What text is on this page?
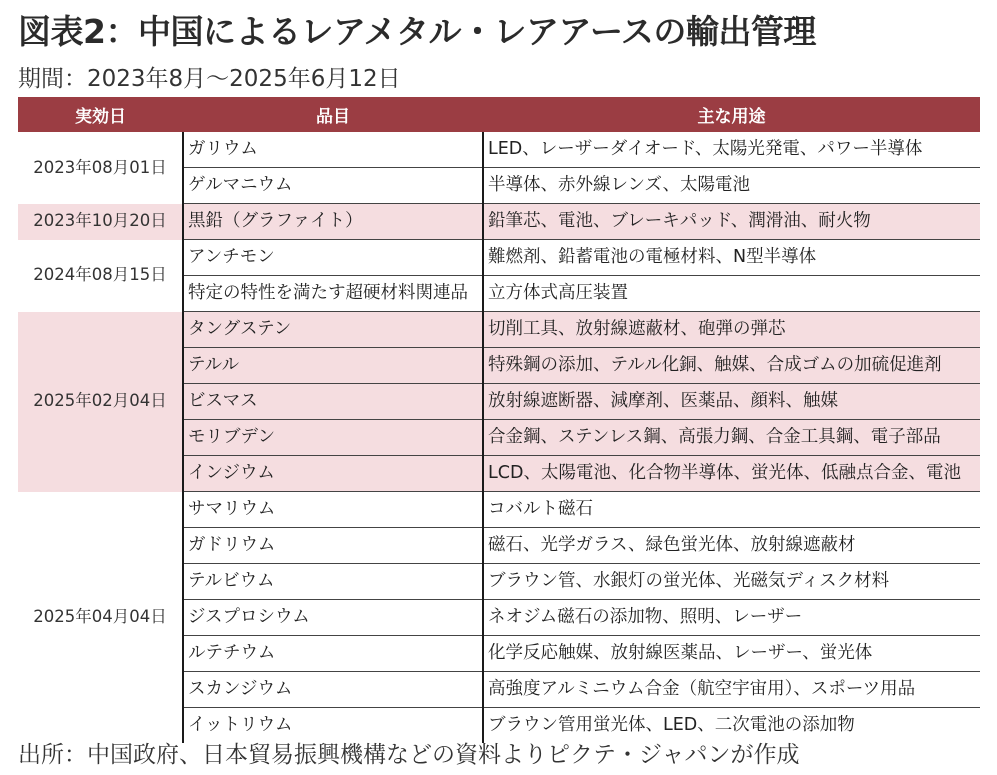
図表2：中国によるレアメタル・レアアースの輸出管理
期間：2023年8月～2025年6月12日
実効日	品目	主な用途
2023年08月01日	ガリウム	LED、レーザーダイオード、太陽光発電、パワー半導体
	ゲルマニウム	半導体、赤外線レンズ、太陽電池
2023年10月20日	黒鉛（グラファイト）	鉛筆芯、電池、ブレーキパッド、潤滑油、耐火物
2024年08月15日	アンチモン	難燃剤、鉛蓄電池の電極材料、N型半導体
	特定の特性を満たす超硬材料関連品	立方体式高圧装置
2025年02月04日	タングステン	切削工具、放射線遮蔽材、砲弾の弾芯
	テルル	特殊鋼の添加、テルル化銅、触媒、合成ゴムの加硫促進剤
	ビスマス	放射線遮断器、減摩剤、医薬品、顔料、触媒
	モリブデン	合金鋼、ステンレス鋼、高張力鋼、合金工具鋼、電子部品
	インジウム	LCD、太陽電池、化合物半導体、蛍光体、低融点合金、電池
2025年04月04日	サマリウム	コバルト磁石
	ガドリウム	磁石、光学ガラス、緑色蛍光体、放射線遮蔽材
	テルビウム	ブラウン管、水銀灯の蛍光体、光磁気ディスク材料
	ジスプロシウム	ネオジム磁石の添加物、照明、レーザー
	ルテチウム	化学反応触媒、放射線医薬品、レーザー、蛍光体
	スカンジウム	高強度アルミニウム合金（航空宇宙用）、スポーツ用品
	イットリウム	ブラウン管用蛍光体、LED、二次電池の添加物
出所：中国政府、日本貿易振興機構などの資料よりピクテ・ジャパンが作成
